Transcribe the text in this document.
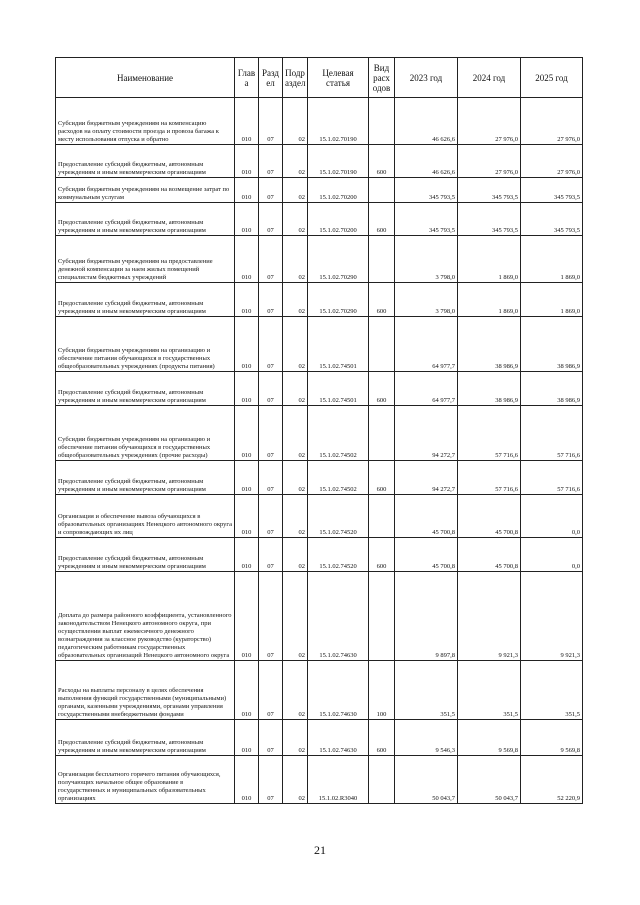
Наименование	Глав а	Разд ел	Подр аздел	Целевая статья	Вид расх одов	2023 год	2024 год	2025 год
Субсидии бюджетным учреждениям на компенсацию расходов на оплату стоимости проезда и провоза багажа к месту использования отпуска и обратно	010	07	02	15.1.02.70190		46 626,6	27 976,0	27 976,0
Предоставление субсидий бюджетным, автономным учреждениям и иным некоммерческим организациям	010	07	02	15.1.02.70190	600	46 626,6	27 976,0	27 976,0
Субсидии бюджетным учреждениям на возмещение затрат по коммунальным услугам	010	07	02	15.1.02.70200		345 793,5	345 793,5	345 793,5
Предоставление субсидий бюджетным, автономным учреждениям и иным некоммерческим организациям	010	07	02	15.1.02.70200	600	345 793,5	345 793,5	345 793,5
Субсидии бюджетным учреждениям на предоставление денежной компенсации за наем жилых помещений специалистам бюджетных учреждений	010	07	02	15.1.02.70290		3 798,0	1 869,0	1 869,0
Предоставление субсидий бюджетным, автономным учреждениям и иным некоммерческим организациям	010	07	02	15.1.02.70290	600	3 798,0	1 869,0	1 869,0
Субсидии бюджетным учреждениям на организацию и обеспечение питания обучающихся в государственных общеобразовательных учреждениях (продукты питания)	010	07	02	15.1.02.74501		64 977,7	38 986,9	38 986,9
Предоставление субсидий бюджетным, автономным учреждениям и иным некоммерческим организациям	010	07	02	15.1.02.74501	600	64 977,7	38 986,9	38 986,9
Субсидии бюджетным учреждениям на организацию и обеспечение питания обучающихся в государственных общеобразовательных учреждениях (прочие расходы)	010	07	02	15.1.02.74502		94 272,7	57 716,6	57 716,6
Предоставление субсидий бюджетным, автономным учреждениям и иным некоммерческим организациям	010	07	02	15.1.02.74502	600	94 272,7	57 716,6	57 716,6
Организация и обеспечение вывоза обучающихся в образовательных организациях Ненецкого автономного округа и сопровождающих их лиц	010	07	02	15.1.02.74520		45 700,8	45 700,8	0,0
Предоставление субсидий бюджетным, автономным учреждениям и иным некоммерческим организациям	010	07	02	15.1.02.74520	600	45 700,8	45 700,8	0,0
Доплата до размера районного коэффициента, установленного законодательством Ненецкого автономного округа, при осуществлении выплат ежемесячного денежного вознаграждения за классное руководство (кураторство) педагогическим работникам государственных образовательных организаций Ненецкого автономного округа	010	07	02	15.1.02.74630		9 897,8	9 921,3	9 921,3
Расходы на выплаты персоналу в целях обеспечения выполнения функций государственными (муниципальными) органами, казенными учреждениями, органами управления государственными внебюджетными фондами	010	07	02	15.1.02.74630	100	351,5	351,5	351,5
Предоставление субсидий бюджетным, автономным учреждениям и иным некоммерческим организациям	010	07	02	15.1.02.74630	600	9 546,3	9 569,8	9 569,8
Организация бесплатного горячего питания обучающихся, получающих начальное общее образование в государственных и муниципальных образовательных организациях	010	07	02	15.1.02.R3040		50 043,7	50 043,7	52 220,9
21
